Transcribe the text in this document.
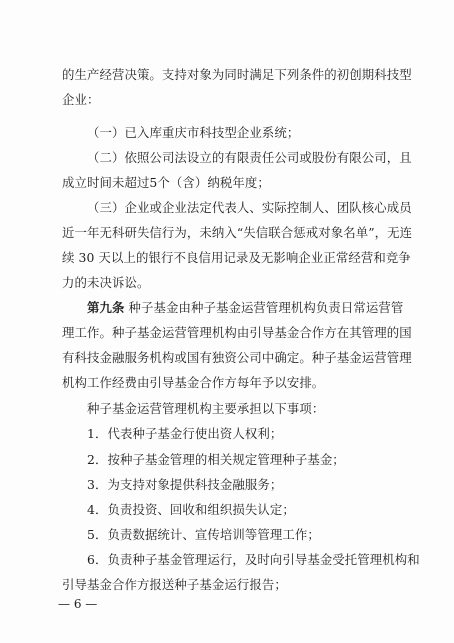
的生产经营决策。支持对象为同时满足下列条件的初创期科技型
企业：
（一）已入库重庆市科技型企业系统；
（二）依照公司法设立的有限责任公司或股份有限公司，且
成立时间未超过5个（含）纳税年度；
（三）企业或企业法定代表人、实际控制人、团队核心成员
近一年无科研失信行为，未纳入“失信联合惩戒对象名单”，无连
续 30 天以上的银行不良信用记录及无影响企业正常经营和竞争
力的未决诉讼。
第九条 种子基金由种子基金运营管理机构负责日常运营管
理工作。种子基金运营管理机构由引导基金合作方在其管理的国
有科技金融服务机构或国有独资公司中确定。种子基金运营管理
机构工作经费由引导基金合作方每年予以安排。
种子基金运营管理机构主要承担以下事项：
1．代表种子基金行使出资人权利；
2．按种子基金管理的相关规定管理种子基金；
3．为支持对象提供科技金融服务；
4．负责投资、回收和组织损失认定；
5．负责数据统计、宣传培训等管理工作；
6．负责种子基金管理运行，及时向引导基金受托管理机构和
引导基金合作方报送种子基金运行报告；
— 6 —
